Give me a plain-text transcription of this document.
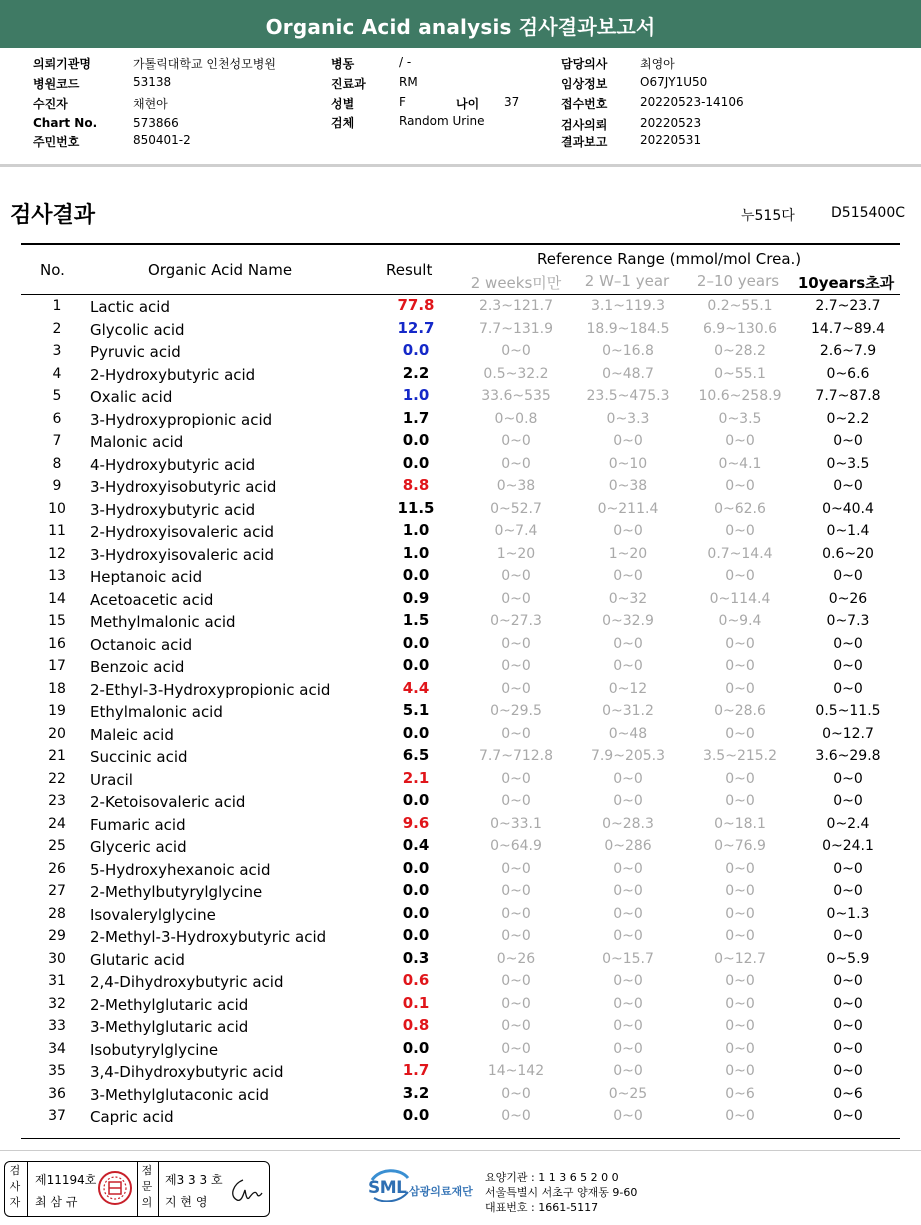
Organic Acid analysis 검사결과보고서
의뢰기관명	가톨릭대학교 인천성모병원
병원코드	53138
수진자	채현아
Chart No.	573866
주민번호	850401-2
병동	/ -
진료과	RM
성별	F	나이 37
검체	Random Urine
담당의사	최영아
임상정보	O67JY1U50
접수번호	20220523-14106
검사의뢰	20220523
결과보고	20220531
검사결과	누515다	D515400C
No.	Organic Acid Name	Result
Reference Range (mmol/mol Crea.)
2 weeks미만	2 W–1 year	2–10 years	10years초과
1	Lactic acid	77.8	2.3~121.7	3.1~119.3	0.2~55.1	2.7~23.7
2	Glycolic acid	12.7	7.7~131.9	18.9~184.5	6.9~130.6	14.7~89.4
3	Pyruvic acid	0.0	0~0	0~16.8	0~28.2	2.6~7.9
4	2-Hydroxybutyric acid	2.2	0.5~32.2	0~48.7	0~55.1	0~6.6
5	Oxalic acid	1.0	33.6~535	23.5~475.3	10.6~258.9	7.7~87.8
6	3-Hydroxypropionic acid	1.7	0~0.8	0~3.3	0~3.5	0~2.2
7	Malonic acid	0.0	0~0	0~0	0~0	0~0
8	4-Hydroxybutyric acid	0.0	0~0	0~10	0~4.1	0~3.5
9	3-Hydroxyisobutyric acid	8.8	0~38	0~38	0~0	0~0
10	3-Hydroxybutyric acid	11.5	0~52.7	0~211.4	0~62.6	0~40.4
11	2-Hydroxyisovaleric acid	1.0	0~7.4	0~0	0~0	0~1.4
12	3-Hydroxyisovaleric acid	1.0	1~20	1~20	0.7~14.4	0.6~20
13	Heptanoic acid	0.0	0~0	0~0	0~0	0~0
14	Acetoacetic acid	0.9	0~0	0~32	0~114.4	0~26
15	Methylmalonic acid	1.5	0~27.3	0~32.9	0~9.4	0~7.3
16	Octanoic acid	0.0	0~0	0~0	0~0	0~0
17	Benzoic acid	0.0	0~0	0~0	0~0	0~0
18	2-Ethyl-3-Hydroxypropionic acid	4.4	0~0	0~12	0~0	0~0
19	Ethylmalonic acid	5.1	0~29.5	0~31.2	0~28.6	0.5~11.5
20	Maleic acid	0.0	0~0	0~48	0~0	0~12.7
21	Succinic acid	6.5	7.7~712.8	7.9~205.3	3.5~215.2	3.6~29.8
22	Uracil	2.1	0~0	0~0	0~0	0~0
23	2-Ketoisovaleric acid	0.0	0~0	0~0	0~0	0~0
24	Fumaric acid	9.6	0~33.1	0~28.3	0~18.1	0~2.4
25	Glyceric acid	0.4	0~64.9	0~286	0~76.9	0~24.1
26	5-Hydroxyhexanoic acid	0.0	0~0	0~0	0~0	0~0
27	2-Methylbutyrylglycine	0.0	0~0	0~0	0~0	0~0
28	Isovalerylglycine	0.0	0~0	0~0	0~0	0~1.3
29	2-Methyl-3-Hydroxybutyric acid	0.0	0~0	0~0	0~0	0~0
30	Glutaric acid	0.3	0~26	0~15.7	0~12.7	0~5.9
31	2,4-Dihydroxybutyric acid	0.6	0~0	0~0	0~0	0~0
32	2-Methylglutaric acid	0.1	0~0	0~0	0~0	0~0
33	3-Methylglutaric acid	0.8	0~0	0~0	0~0	0~0
34	Isobutyrylglycine	0.0	0~0	0~0	0~0	0~0
35	3,4-Dihydroxybutyric acid	1.7	14~142	0~0	0~0	0~0
36	3-Methylglutaconic acid	3.2	0~0	0~25	0~6	0~6
37	Capric acid	0.0	0~0	0~0	0~0	0~0
검
사
자
제11194호
최 삼 규
점
문
의
제3 3 3 호
지 현 영
SML 삼광의료재단
요양기관 : 1 1 3 6 5 2 0 0
서울특별시 서초구 양재동 9-60
대표번호 : 1661-5117
